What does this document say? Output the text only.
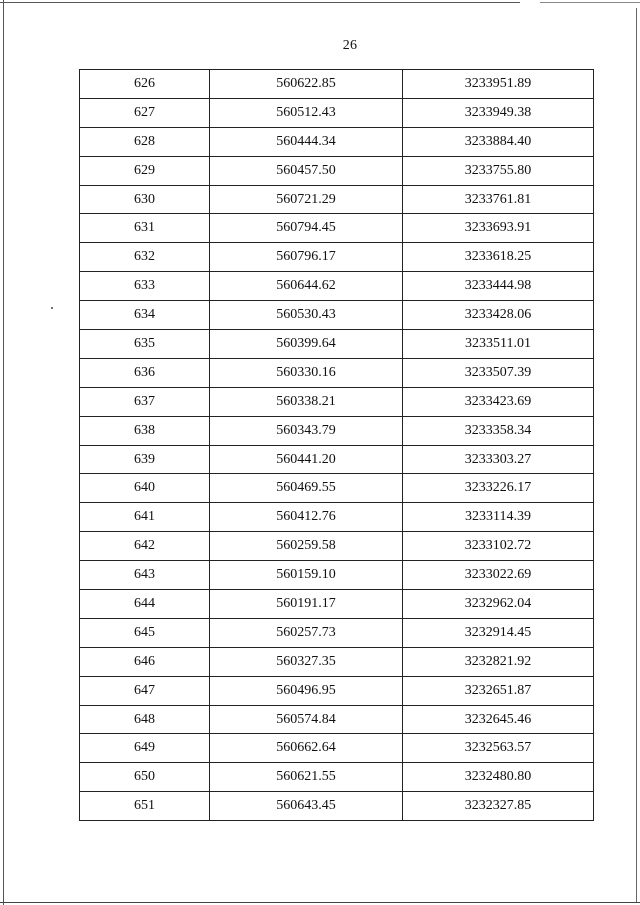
26
626	560622.85	3233951.89
627	560512.43	3233949.38
628	560444.34	3233884.40
629	560457.50	3233755.80
630	560721.29	3233761.81
631	560794.45	3233693.91
632	560796.17	3233618.25
633	560644.62	3233444.98
634	560530.43	3233428.06
635	560399.64	3233511.01
636	560330.16	3233507.39
637	560338.21	3233423.69
638	560343.79	3233358.34
639	560441.20	3233303.27
640	560469.55	3233226.17
641	560412.76	3233114.39
642	560259.58	3233102.72
643	560159.10	3233022.69
644	560191.17	3232962.04
645	560257.73	3232914.45
646	560327.35	3232821.92
647	560496.95	3232651.87
648	560574.84	3232645.46
649	560662.64	3232563.57
650	560621.55	3232480.80
651	560643.45	3232327.85
